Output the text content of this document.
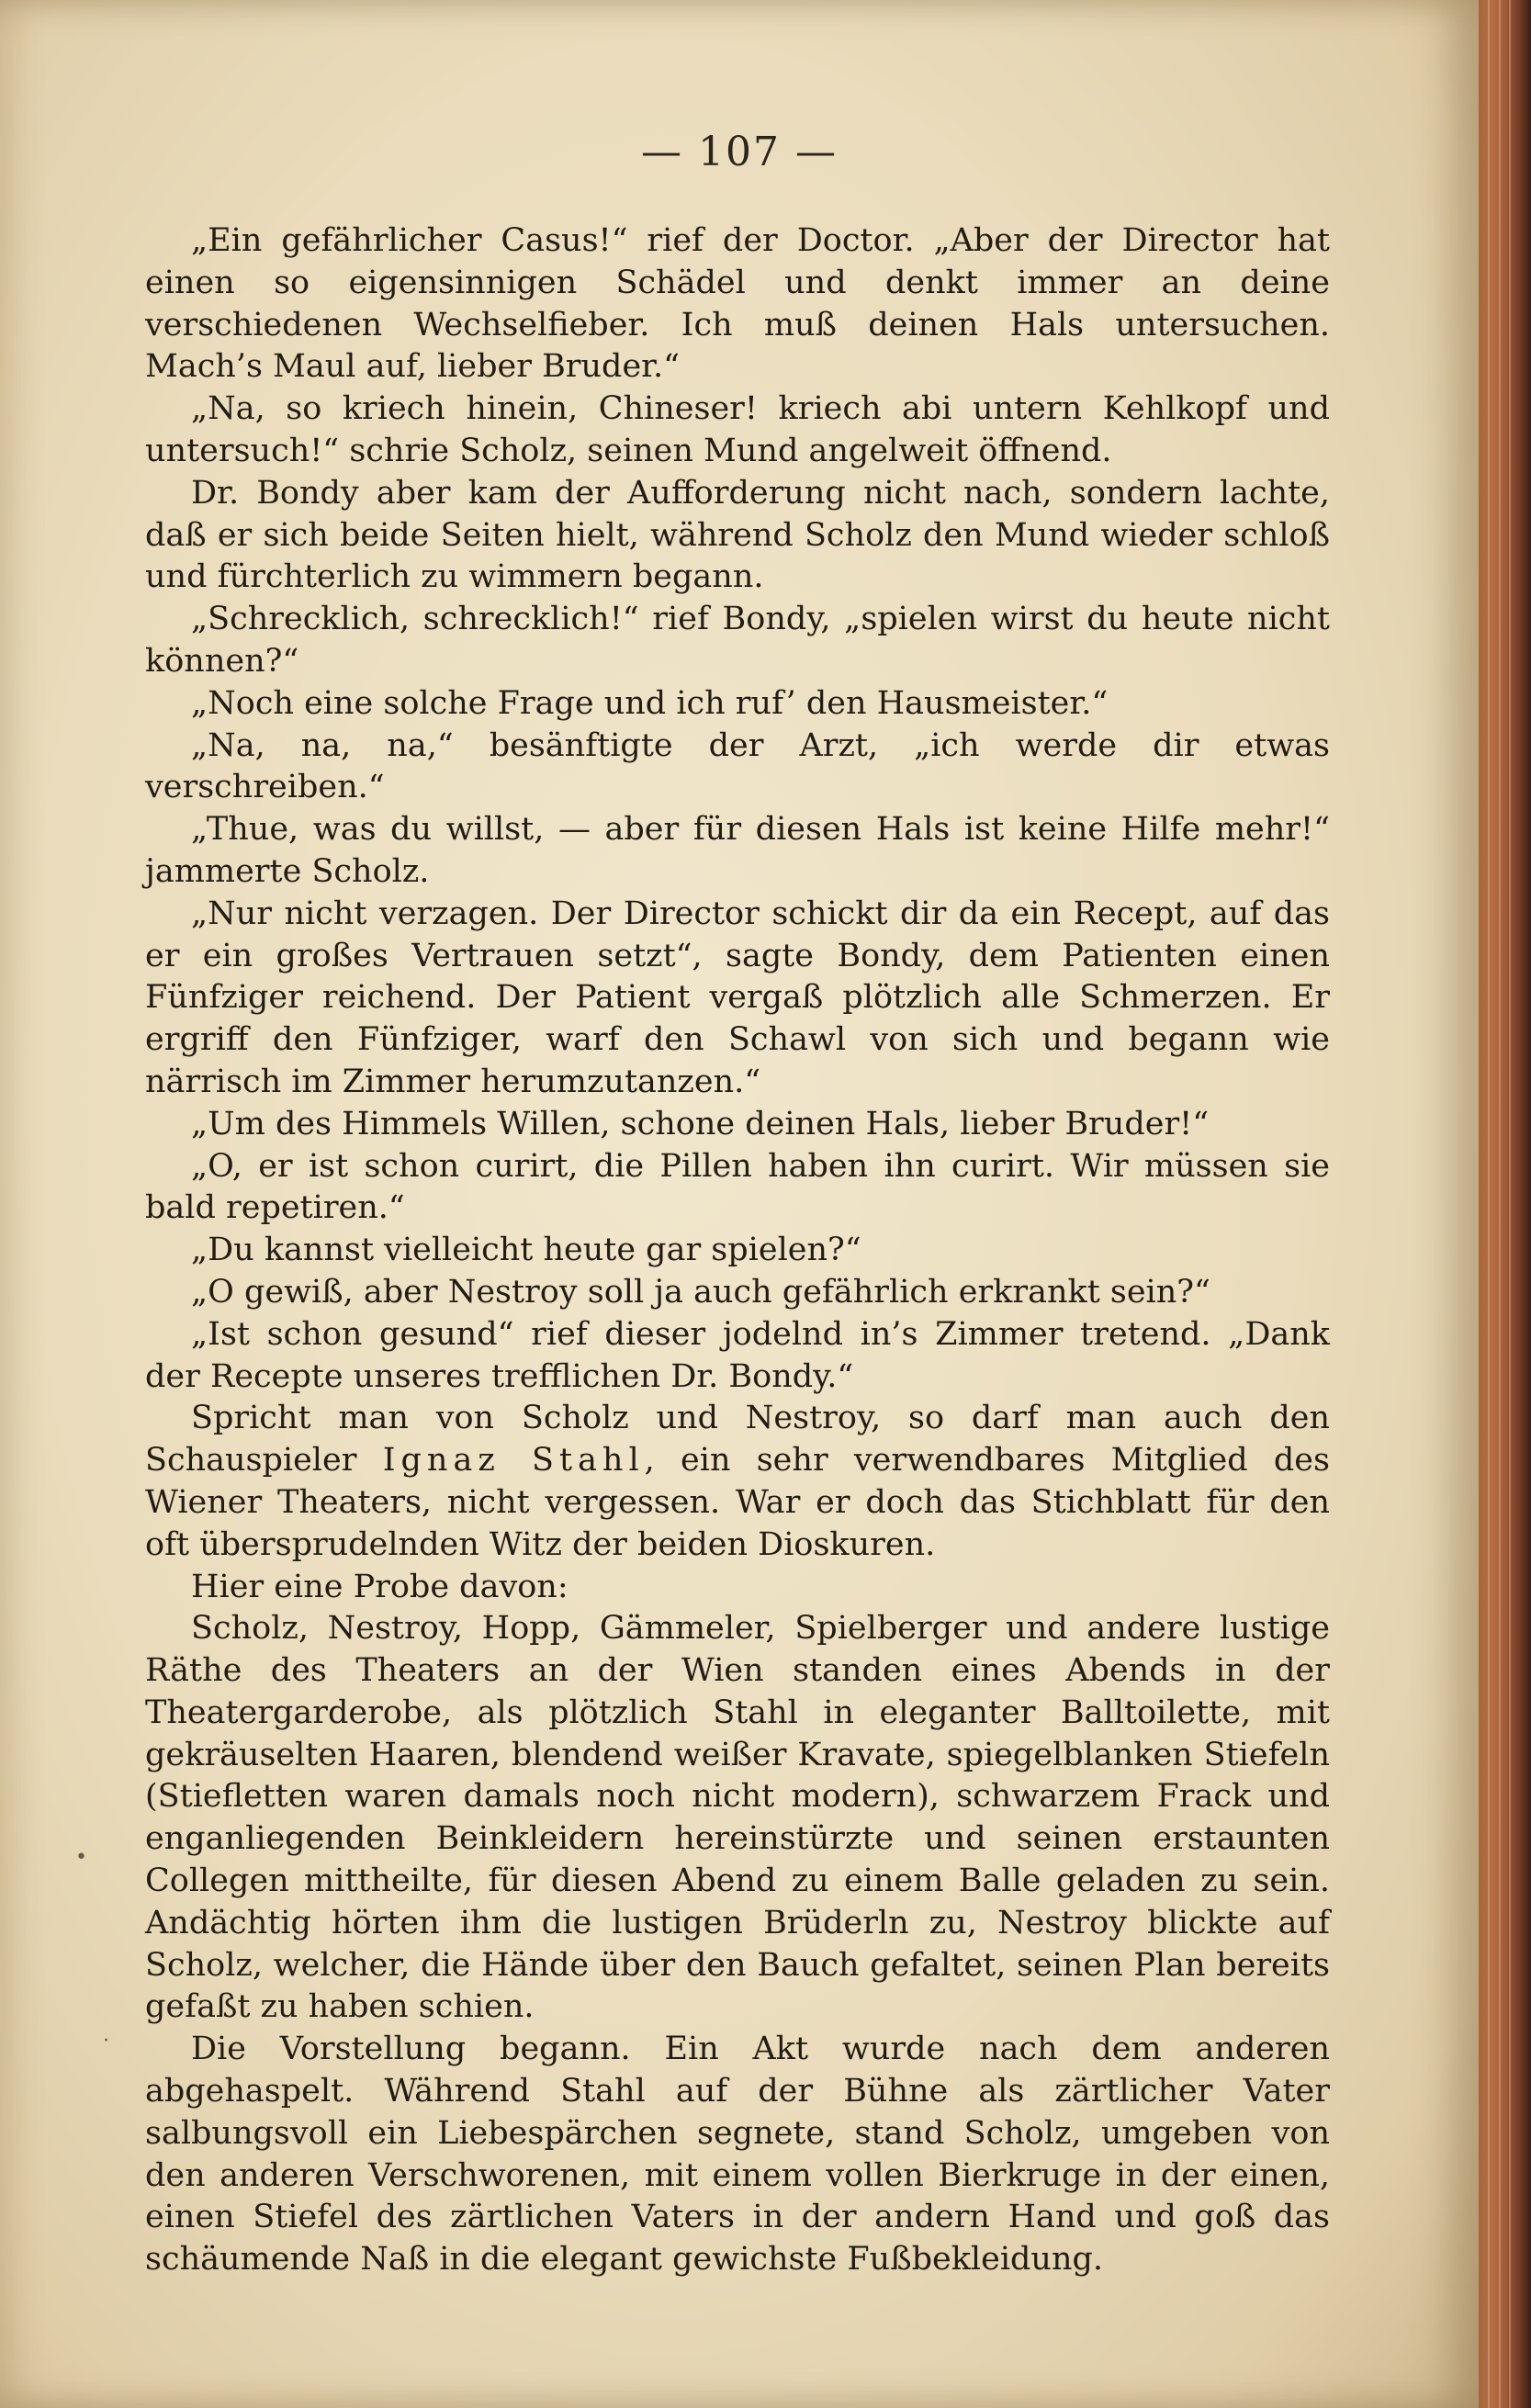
— 107 —

„Ein gefährlicher Casus!“ rief der Doctor. „Aber der Director hat einen so eigensinnigen Schädel und denkt immer an deine verschiedenen Wechselfieber. Ich muß deinen Hals untersuchen. Mach’s Maul auf, lieber Bruder.“

„Na, so kriech hinein, Chineser! kriech abi untern Kehlkopf und untersuch!“ schrie Scholz, seinen Mund angelweit öffnend.

Dr. Bondy aber kam der Aufforderung nicht nach, sondern lachte, daß er sich beide Seiten hielt, während Scholz den Mund wieder schloß und fürchterlich zu wimmern begann.

„Schrecklich, schrecklich!“ rief Bondy, „spielen wirst du heute nicht können?“

„Noch eine solche Frage und ich ruf’ den Hausmeister.“

„Na, na, na,“ besänftigte der Arzt, „ich werde dir etwas verschreiben.“

„Thue, was du willst, — aber für diesen Hals ist keine Hilfe mehr!“ jammerte Scholz.

„Nur nicht verzagen. Der Director schickt dir da ein Recept, auf das er ein großes Vertrauen setzt“, sagte Bondy, dem Patienten einen Fünfziger reichend. Der Patient vergaß plötzlich alle Schmerzen. Er ergriff den Fünfziger, warf den Schawl von sich und begann wie närrisch im Zimmer herumzutanzen.“

„Um des Himmels Willen, schone deinen Hals, lieber Bruder!“

„O, er ist schon curirt, die Pillen haben ihn curirt. Wir müssen sie bald repetiren.“

„Du kannst vielleicht heute gar spielen?“

„O gewiß, aber Nestroy soll ja auch gefährlich erkrankt sein?“

„Ist schon gesund“ rief dieser jodelnd in’s Zimmer tretend. „Dank der Recepte unseres trefflichen Dr. Bondy.“

Spricht man von Scholz und Nestroy, so darf man auch den Schauspieler Ignaz Stahl, ein sehr verwendbares Mitglied des Wiener Theaters, nicht vergessen. War er doch das Stichblatt für den oft übersprudelnden Witz der beiden Dioskuren.

Hier eine Probe davon:

Scholz, Nestroy, Hopp, Gämmeler, Spielberger und andere lustige Räthe des Theaters an der Wien standen eines Abends in der Theatergarderobe, als plötzlich Stahl in eleganter Balltoilette, mit gekräuselten Haaren, blendend weißer Kravate, spiegelblanken Stiefeln (Stiefletten waren damals noch nicht modern), schwarzem Frack und enganliegenden Beinkleidern hereinstürzte und seinen erstaunten Collegen mittheilte, für diesen Abend zu einem Balle geladen zu sein. Andächtig hörten ihm die lustigen Brüderln zu, Nestroy blickte auf Scholz, welcher, die Hände über den Bauch gefaltet, seinen Plan bereits gefaßt zu haben schien.

Die Vorstellung begann. Ein Akt wurde nach dem anderen abgehaspelt. Während Stahl auf der Bühne als zärtlicher Vater salbungsvoll ein Liebespärchen segnete, stand Scholz, umgeben von den anderen Verschworenen, mit einem vollen Bierkruge in der einen, einen Stiefel des zärtlichen Vaters in der andern Hand und goß das schäumende Naß in die elegant gewichste Fußbekleidung.

•
·
